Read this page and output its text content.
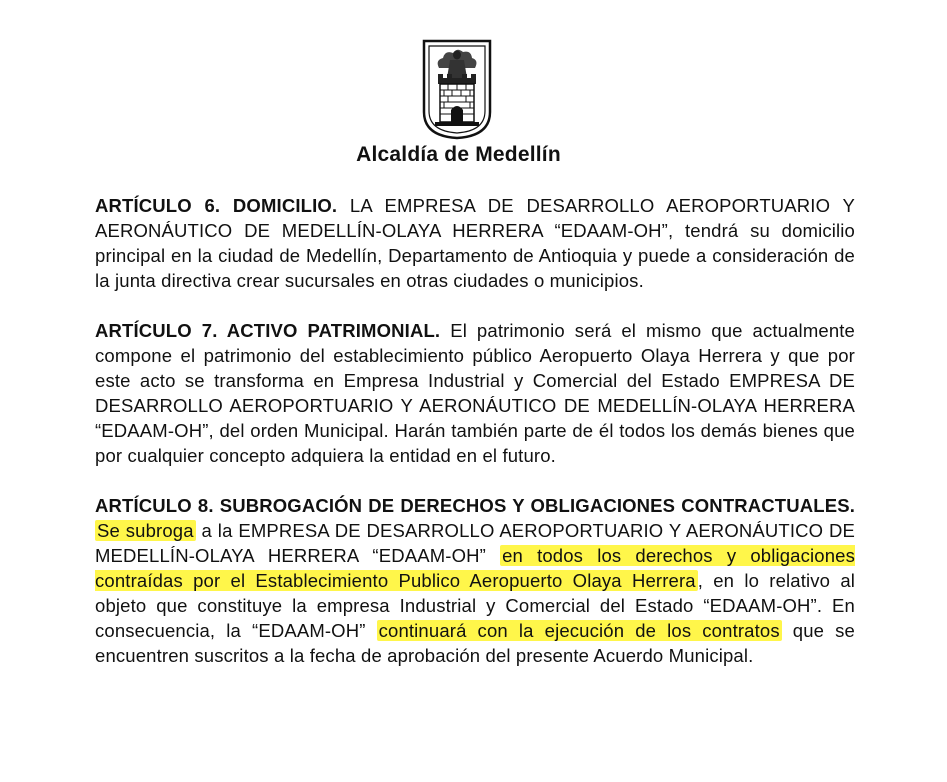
Alcaldía de Medellín

ARTÍCULO 6. DOMICILIO. LA EMPRESA DE DESARROLLO AEROPORTUARIO Y AERONÁUTICO DE MEDELLÍN-OLAYA HERRERA “EDAAM-OH”, tendrá su domicilio principal en la ciudad de Medellín, Departamento de Antioquia y puede a consideración de la junta directiva crear sucursales en otras ciudades o municipios.

ARTÍCULO 7. ACTIVO PATRIMONIAL. El patrimonio será el mismo que actualmente compone el patrimonio del establecimiento público Aeropuerto Olaya Herrera y que por este acto se transforma en Empresa Industrial y Comercial del Estado EMPRESA DE DESARROLLO AEROPORTUARIO Y AERONÁUTICO DE MEDELLÍN-OLAYA HERRERA “EDAAM-OH”, del orden Municipal. Harán también parte de él todos los demás bienes que por cualquier concepto adquiera la entidad en el futuro.

ARTÍCULO 8. SUBROGACIÓN DE DERECHOS Y OBLIGACIONES CONTRACTUALES. Se subroga a la EMPRESA DE DESARROLLO AEROPORTUARIO Y AERONÁUTICO DE MEDELLÍN-OLAYA HERRERA “EDAAM-OH” en todos los derechos y obligaciones contraídas por el Establecimiento Publico Aeropuerto Olaya Herrera , en lo relativo al objeto que constituye la empresa Industrial y Comercial del Estado “EDAAM-OH”. En consecuencia, la “EDAAM-OH” continuará con la ejecución de los contratos que se encuentren suscritos a la fecha de aprobación del presente Acuerdo Municipal.
